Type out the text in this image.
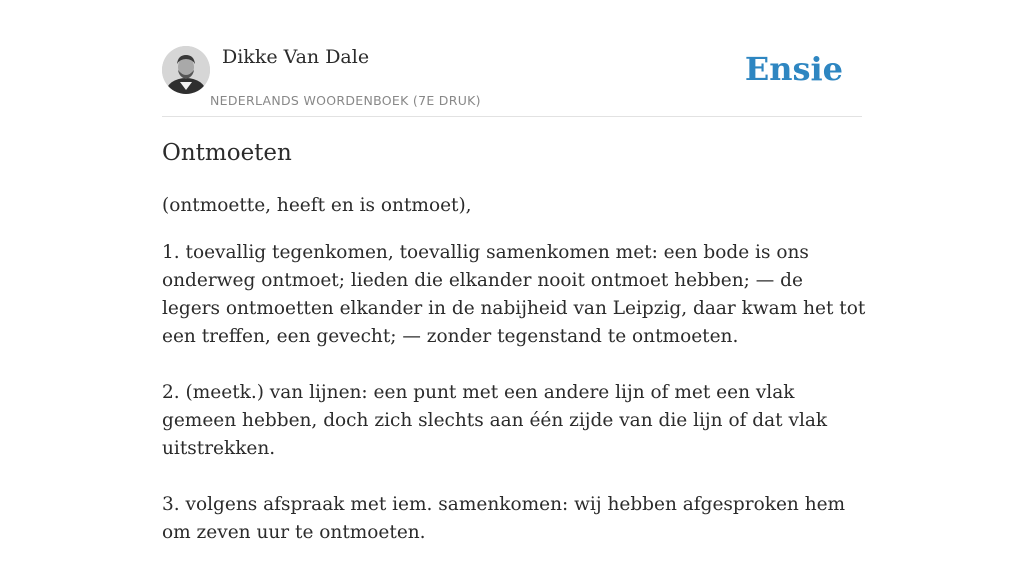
Dikke Van Dale
NEDERLANDS WOORDENBOEK (7E DRUK)
Ensie
Ontmoeten

(ontmoette, heeft en is ontmoet),

1. toevallig tegenkomen, toevallig samenkomen met: een bode is ons onderweg ontmoet; lieden die elkander nooit ontmoet hebben; — de legers ontmoetten elkander in de nabijheid van Leipzig, daar kwam het tot een treffen, een gevecht; — zonder tegenstand te ontmoeten.

2. (meetk.) van lijnen: een punt met een andere lijn of met een vlak gemeen hebben, doch zich slechts aan één zijde van die lijn of dat vlak uitstrekken.

3. volgens afspraak met iem. samenkomen: wij hebben afgesproken hem om zeven uur te ontmoeten.
